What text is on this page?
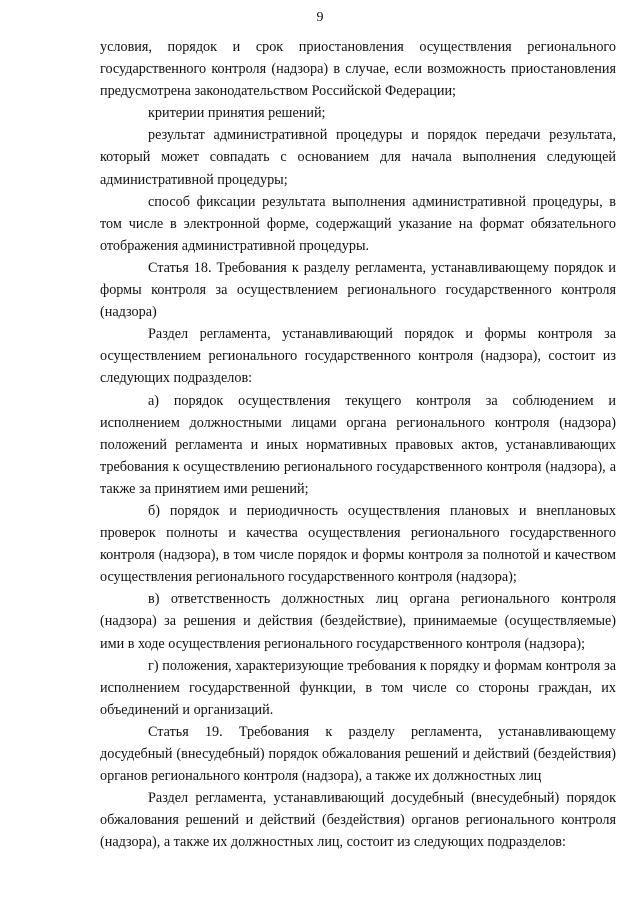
9

условия, порядок и срок приостановления осуществления регионального государственного контроля (надзора) в случае, если возможность приостановления предусмотрена законодательством Российской Федерации;

критерии принятия решений;

результат административной процедуры и порядок передачи результата, который может совпадать с основанием для начала выполнения следующей административной процедуры;

способ фиксации результата выполнения административной процедуры, в том числе в электронной форме, содержащий указание на формат обязательного отображения административной процедуры.

Статья 18. Требования к разделу регламента, устанавливающему порядок и формы контроля за осуществлением регионального государственного контроля (надзора)

Раздел регламента, устанавливающий порядок и формы контроля за осуществлением регионального государственного контроля (надзора), состоит из следующих подразделов:

а) порядок осуществления текущего контроля за соблюдением и исполнением должностными лицами органа регионального контроля (надзора) положений регламента и иных нормативных правовых актов, устанавливающих требования к осуществлению регионального государственного контроля (надзора), а также за принятием ими решений;

б) порядок и периодичность осуществления плановых и внеплановых проверок полноты и качества осуществления регионального государственного контроля (надзора), в том числе порядок и формы контроля за полнотой и качеством осуществления регионального государственного контроля (надзора);

в) ответственность должностных лиц органа регионального контроля (надзора) за решения и действия (бездействие), принимаемые (осуществляемые) ими в ходе осуществления регионального государственного контроля (надзора);

г) положения, характеризующие требования к порядку и формам контроля за исполнением государственной функции, в том числе со стороны граждан, их объединений и организаций.

Статья 19. Требования к разделу регламента, устанавливающему досудебный (внесудебный) порядок обжалования решений и действий (бездействия) органов регионального контроля (надзора), а также их должностных лиц

Раздел регламента, устанавливающий досудебный (внесудебный) порядок обжалования решений и действий (бездействия) органов регионального контроля (надзора), а также их должностных лиц, состоит из следующих подразделов:
